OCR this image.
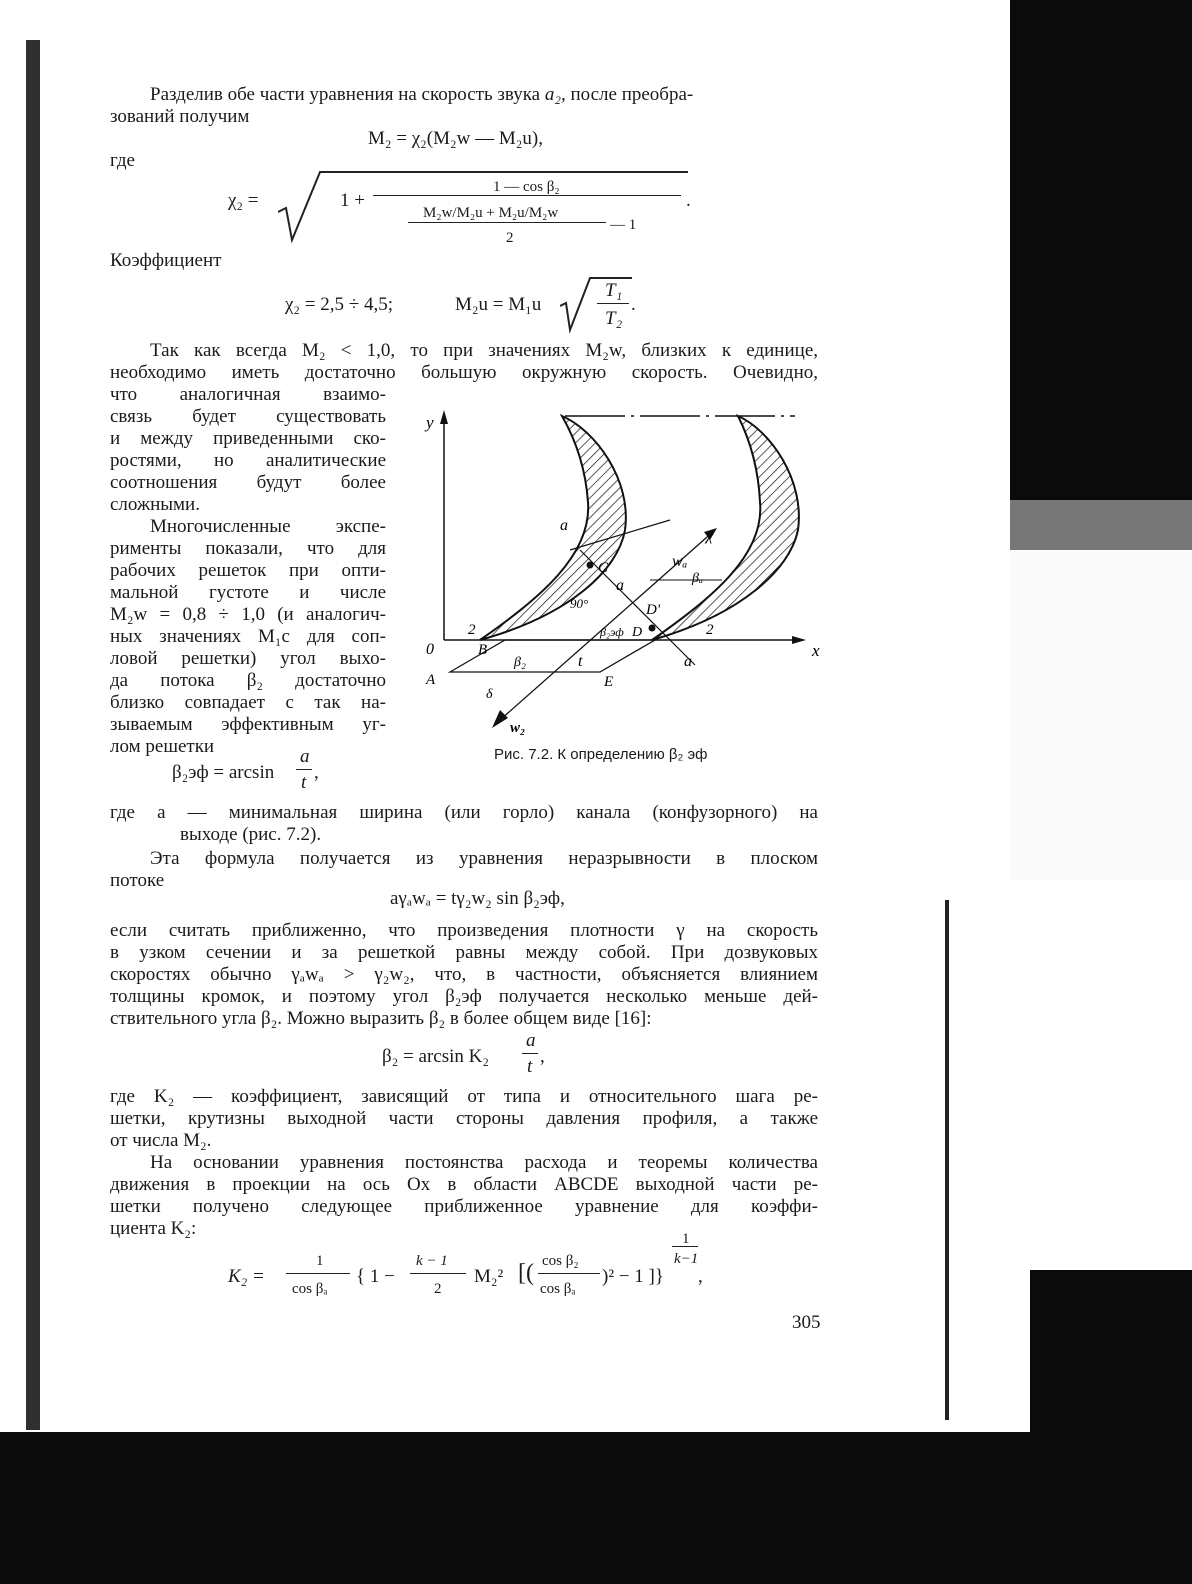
Разделив обе части уравнения на скорость звука a₂, после преобра-
зований получим
M₂ = χ₂(M₂w — M₂u),
где
χ₂ =	1 +
1 — cos β₂
M₂w/M₂u + M₂u/M₂w
2
— 1
.
Коэффициент
χ₂ = 2,5 ÷ 4,5;	M₂u = M₁u
T₁
T₂
.
Так как всегда M₂ < 1,0, то при значениях M₂w, близких к единице,
необходимо иметь достаточно большую окружную скорость. Очевидно,
что аналогичная взаимо-
связь будет существовать
и между приведенными ско-
ростями, но аналитические
соотношения будут более
сложными.
Многочисленные экспе-
рименты показали, что для
рабочих решеток при опти-
мальной густоте и числе
M₂w = 0,8 ÷ 1,0 (и аналогич-
ных значениях M₁c для соп-
ловой решетки) угол выхо-
да потока β₂ достаточно
близко совпадает с так на-
зываемым эффективным уг-
лом решетки
β₂эф = arcsin
a
t ,
y
x
0
a
C
a
wₐ
χ
βₐ
90°	D'
β₂эф D
2	2
B
β₂	t	a
A	E
δ
w₂
Рис. 7.2. К определению β₂ эф
где a — минимальная ширина (или горло) канала (конфузорного) на
выходе (рис. 7.2).
Эта формула получается из уравнения неразрывности в плоском
потоке
aγₐwₐ = tγ₂w₂ sin β₂эф,
если считать приближенно, что произведения плотности γ на скорость
в узком сечении и за решеткой равны между собой. При дозвуковых
скоростях обычно γₐwₐ > γ₂w₂, что, в частности, объясняется влиянием
толщины кромок, и поэтому угол β₂эф получается несколько меньше дей-
ствительного угла β₂. Можно выразить β₂ в более общем виде [16]:
β₂ = arcsin K₂
a
t ,
где K₂ — коэффициент, зависящий от типа и относительного шага ре-
шетки, крутизны выходной части стороны давления профиля, а также
от числа M₂.
На основании уравнения постоянства расхода и теоремы количества
движения в проекции на ось Ox в области ABCDE выходной части ре-
шетки получено следующее приближенное уравнение для коэффи-
циента K₂:
K₂ =
1
cos βₐ
{ 1 −
k − 1
2
M₂² [( cos β₂
cos βₐ
)² − 1 ]}
1
k−1
,
305
